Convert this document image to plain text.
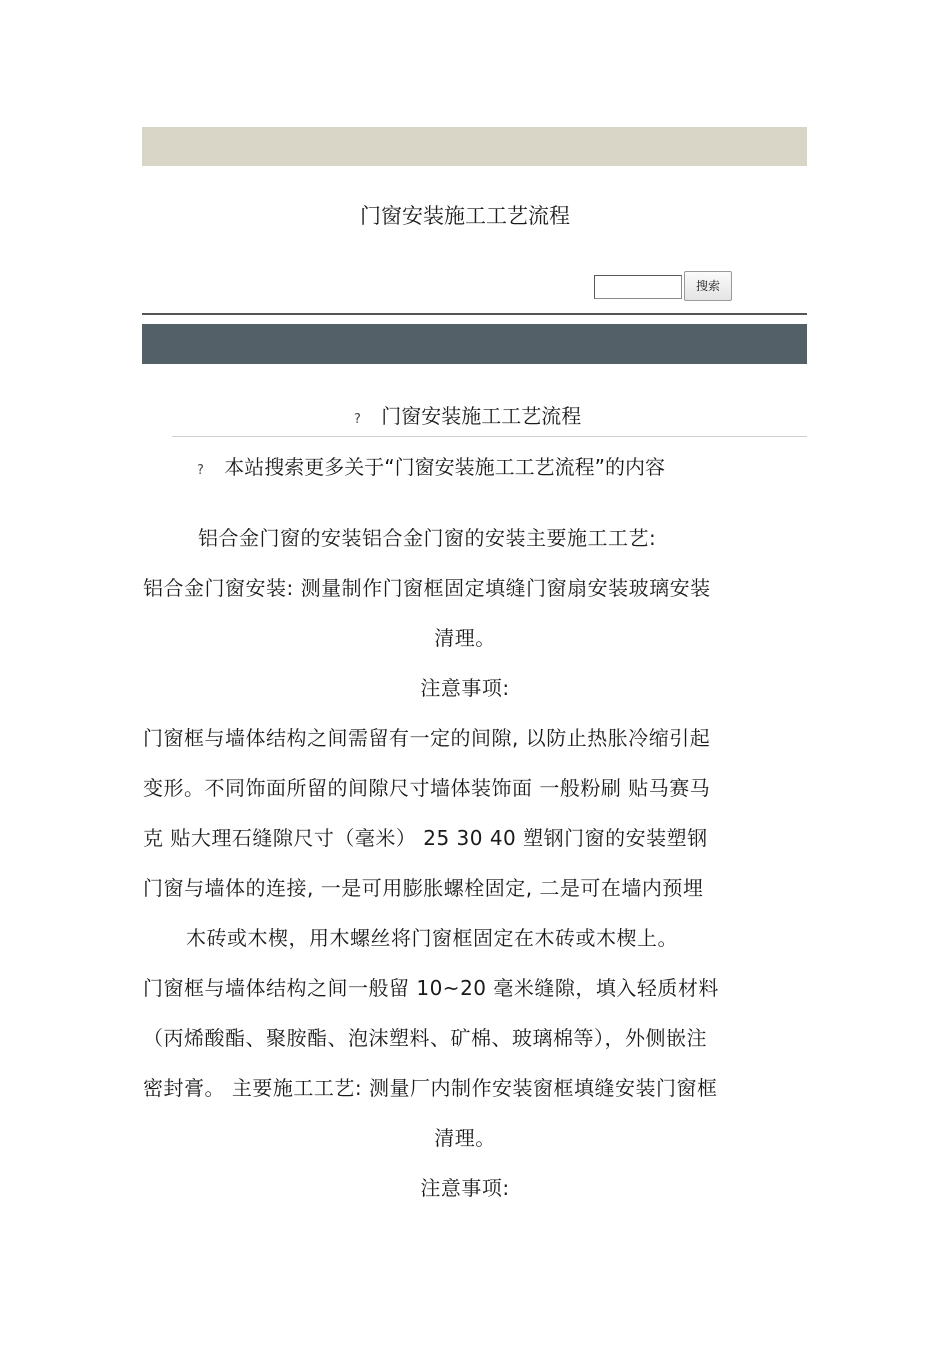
门窗安装施工工艺流程
搜索
? 门窗安装施工工艺流程
? 本站搜索更多关于“门窗安装施工工艺流程”的内容
铝合金门窗的安装铝合金门窗的安装主要施工工艺:
铝合金门窗安装: 测量制作门窗框固定填缝门窗扇安装玻璃安装
清理。
注意事项:
门窗框与墙体结构之间需留有一定的间隙, 以防止热胀冷缩引起
变形。不同饰面所留的间隙尺寸墙体装饰面 一般粉刷 贴马赛马
克 贴大理石缝隙尺寸（毫米） 25 30 40 塑钢门窗的安装塑钢
门窗与墙体的连接, 一是可用膨胀螺栓固定, 二是可在墙内预埋
木砖或木楔，用木螺丝将门窗框固定在木砖或木楔上。
门窗框与墙体结构之间一般留 10~20 毫米缝隙，填入轻质材料
（丙烯酸酯、聚胺酯、泡沫塑料、矿棉、玻璃棉等），外侧嵌注
密封膏。 主要施工工艺: 测量厂内制作安装窗框填缝安装门窗框
清理。
注意事项:
